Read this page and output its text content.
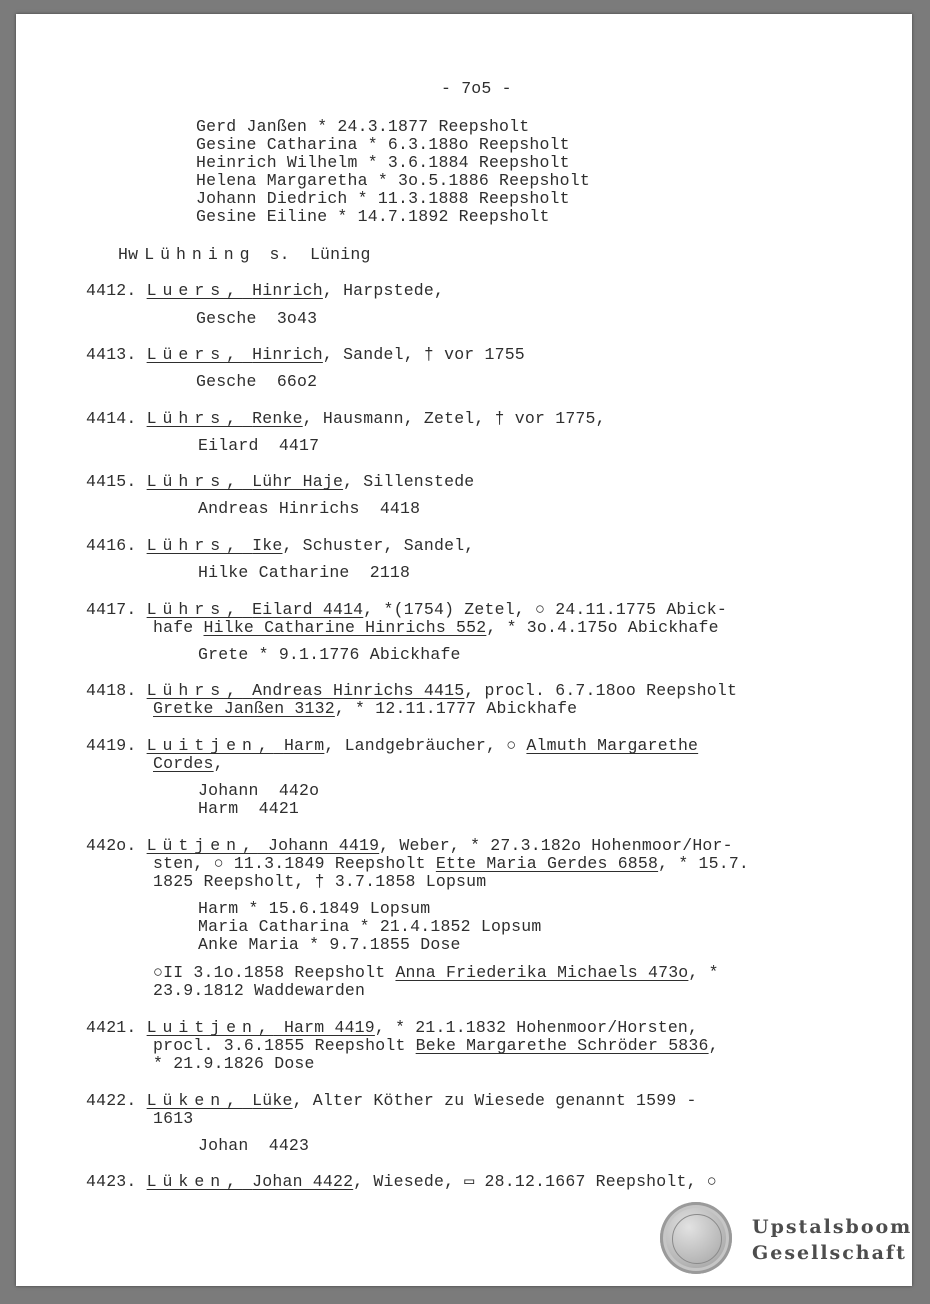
- 7o5 -
Gerd Janßen * 24.3.1877 Reepsholt
Gesine Catharina * 6.3.188o Reepsholt
Heinrich Wilhelm * 3.6.1884 Reepsholt
Helena Margaretha * 3o.5.1886 Reepsholt
Johann Diedrich * 11.3.1888 Reepsholt
Gesine Eiline * 14.7.1892 Reepsholt
Hw Lühning s.  Lüning
4412. Luers, Hinrich, Harpstede,
Gesche  3o43
4413. Lüers, Hinrich, Sandel, † vor 1755
Gesche  66o2
4414. Lührs, Renke, Hausmann, Zetel, † vor 1775,
Eilard  4417
4415. Lührs, Lühr Haje, Sillenstede
Andreas Hinrichs  4418
4416. Lührs, Ike, Schuster, Sandel,
Hilke Catharine  2118
4417. Lührs, Eilard 4414, *(1754) Zetel, ○ 24.11.1775 Abick-
hafe Hilke Catharine Hinrichs 552, * 3o.4.175o Abickhafe
Grete * 9.1.1776 Abickhafe
4418. Lührs, Andreas Hinrichs 4415, procl. 6.7.18oo Reepsholt
Gretke Janßen 3132, * 12.11.1777 Abickhafe
4419. Luitjen, Harm, Landgebräucher, ○ Almuth Margarethe
Cordes,
Johann  442o
Harm  4421
442o. Lütjen, Johann 4419, Weber, * 27.3.182o Hohenmoor/Hor-
sten, ○ 11.3.1849 Reepsholt Ette Maria Gerdes 6858, * 15.7.
1825 Reepsholt, † 3.7.1858 Lopsum
Harm * 15.6.1849 Lopsum
Maria Catharina * 21.4.1852 Lopsum
Anke Maria * 9.7.1855 Dose
○II 3.1o.1858 Reepsholt Anna Friederika Michaels 473o, *
23.9.1812 Waddewarden
4421. Luitjen, Harm 4419, * 21.1.1832 Hohenmoor/Horsten,
procl. 3.6.1855 Reepsholt Beke Margarethe Schröder 5836,
* 21.9.1826 Dose
4422. Lüken, Lüke, Alter Köther zu Wiesede genannt 1599 -
1613
Johan  4423
4423. Lüken, Johan 4422, Wiesede, ▭ 28.12.1667 Reepsholt, ○
Upstalsboom
Gesellschaft
